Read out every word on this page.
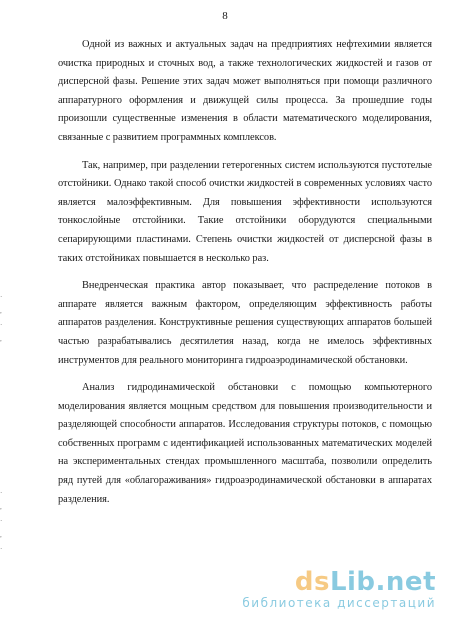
8

Одной из важных и актуальных задач на предприятиях нефтехимии является очистка природных и сточных вод, а также технологических жидкостей и газов от дисперсной фазы. Решение этих задач может выполняться при помощи различного аппаратурного оформления и движущей силы процесса. За прошедшие годы произошли существенные изменения в области математического моделирования, связанные с развитием программных комплексов.

Так, например, при разделении гетерогенных систем используются пустотелые отстойники. Однако такой способ очистки жидкостей в современных условиях часто является малоэффективным. Для повышения эффективности используются тонкослойные отстойники. Такие отстойники оборудуются специальными сепарирующими пластинами. Степень очистки жидкостей от дисперсной фазы в таких отстойниках повышается в несколько раз.

Внедренческая практика автор показывает, что распределение потоков в аппарате является важным фактором, определяющим эффективность работы аппаратов разделения. Конструктивные решения существующих аппаратов большей частью разрабатывались десятилетия назад, когда не имелось эффективных инструментов для реального мониторинга гидроаэродинамической обстановки.

Анализ гидродинамической обстановки с помощью компьютерного моделирования является мощным средством для повышения производительности и разделяющей способности аппаратов. Исследования структуры потоков, с помощью собственных программ с идентификацией использованных математических моделей на экспериментальных стендах промышленного масштаба, позволили определить ряд путей для «облагораживания» гидроаэродинамической обстановки в аппаратах разделения.

·
,
·
,

·
,
·
,
·
dsLib.net
библиотека диссертаций
